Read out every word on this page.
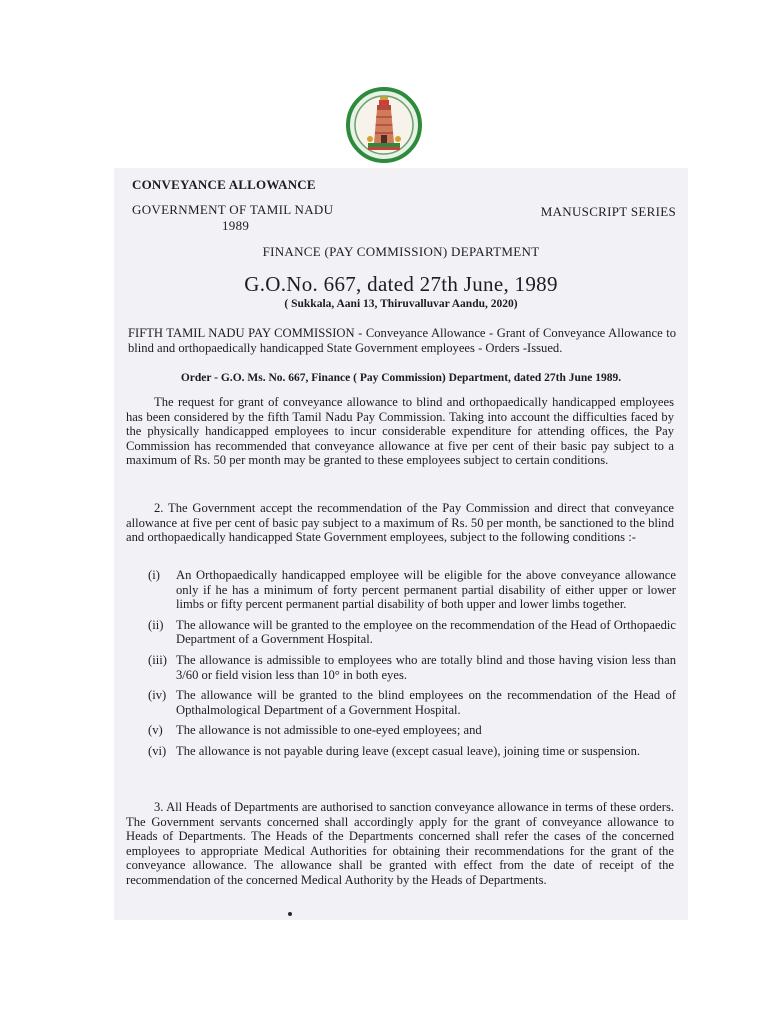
CONVEYANCE ALLOWANCE
GOVERNMENT OF TAMIL NADU	MANUSCRIPT SERIES
1989
FINANCE (PAY COMMISSION) DEPARTMENT
G.O.No. 667, dated 27th June, 1989
( Sukkala, Aani 13, Thiruvalluvar Aandu, 2020)
FIFTH TAMIL NADU PAY COMMISSION - Conveyance Allowance - Grant of Conveyance Allowance to blind and orthopaedically handicapped State Government employees - Orders -Issued.
Order - G.O. Ms. No. 667, Finance ( Pay Commission) Department, dated 27th June 1989.
The request for grant of conveyance allowance to blind and orthopaedically handicapped employees has been considered by the fifth Tamil Nadu Pay Commission. Taking into account the difficulties faced by the physically handicapped employees to incur considerable expenditure for attending offices, the Pay Commission has recommended that conveyance allowance at five per cent of their basic pay subject to a maximum of Rs. 50 per month may be granted to these employees subject to certain conditions.
2. The Government accept the recommendation of the Pay Commission and direct that conveyance allowance at five per cent of basic pay subject to a maximum of Rs. 50 per month, be sanctioned to the blind and orthopaedically handicapped State Government employees, subject to the following conditions :-
(i)	An Orthopaedically handicapped employee will be eligible for the above conveyance allowance only if he has a minimum of forty percent permanent partial disability of either upper or lower limbs or fifty percent permanent partial disability of both upper and lower limbs together.
(ii)	The allowance will be granted to the employee on the recommendation of the Head of Orthopaedic Department of a Government Hospital.
(iii) The allowance is admissible to employees who are totally blind and those having vision less than 3/60 or field vision less than 10° in both eyes.
(iv) The allowance will be granted to the blind employees on the recommendation of the Head of Opthalmological Department of a Government Hospital.
(v)	The allowance is not admissible to one-eyed employees; and
(vi) The allowance is not payable during leave (except casual leave), joining time or suspension.
3. All Heads of Departments are authorised to sanction conveyance allowance in terms of these orders. The Government servants concerned shall accordingly apply for the grant of conveyance allowance to Heads of Departments. The Heads of the Departments concerned shall refer the cases of the concerned employees to appropriate Medical Authorities for obtaining their recommendations for the grant of the conveyance allowance. The allowance shall be granted with effect from the date of receipt of the recommendation of the concerned Medical Authority by the Heads of Departments.
